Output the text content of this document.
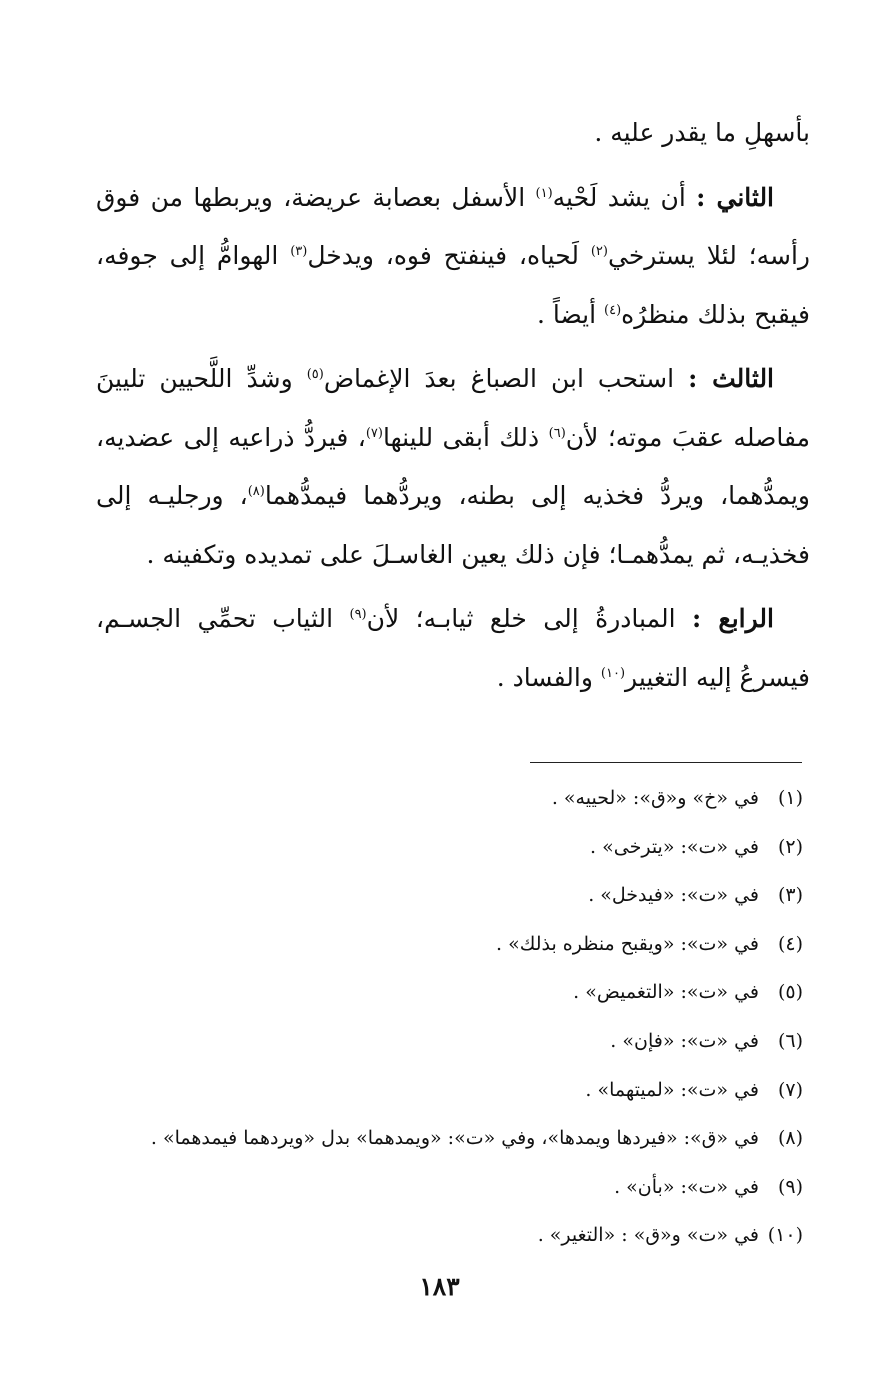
بأسهلِ ما يقدر عليه .

الثاني : أن يشد لَحْيه$^{(١)}$ الأسفل بعصابة عريضة، ويربطها من فوق رأسه؛ لئلا يسترخي$^{(٢)}$ لَحياه، فينفتح فوه، ويدخل$^{(٣)}$ الهوامُّ إلى جوفه، فيقبح بذلك منظرُه$^{(٤)}$ أيضاً .

الثالث : استحب ابن الصباغ بعدَ الإغماض$^{(٥)}$ وشدِّ اللَّحيين تليينَ مفاصله عقبَ موته؛ لأن$^{(٦)}$ ذلك أبقى للينها$^{(٧)}$، فيردُّ ذراعيه إلى عضديه، ويمدُّهما، ويردُّ فخذيه إلى بطنه، ويردُّهما فيمدُّهما$^{(٨)}$، ورجليـه إلى فخذيـه، ثم يمدُّهمـا؛ فإن ذلك يعين الغاسـلَ على تمديده وتكفينه .

الرابع : المبادرةُ إلى خلع ثيابـه؛ لأن$^{(٩)}$ الثياب تحمِّي الجسـم، فيسرعُ إليه التغيير$^{(١٠)}$ والفساد .

(١)في «خ» و«ق»: «لحييه» .
(٢)في «ت»: «يترخى» .
(٣)في «ت»: «فيدخل» .
(٤)في «ت»: «ويقبح منظره بذلك» .
(٥)في «ت»: «التغميض» .
(٦)في «ت»: «فإن» .
(٧)في «ت»: «لميتهما» .
(٨)في «ق»: «فيردها ويمدها»، وفي «ت»: «ويمدهما» بدل «ويردهما فيمدهما» .
(٩)في «ت»: «بأن» .
(١٠)في «ت» و«ق» : «التغير» .
١٨٣
